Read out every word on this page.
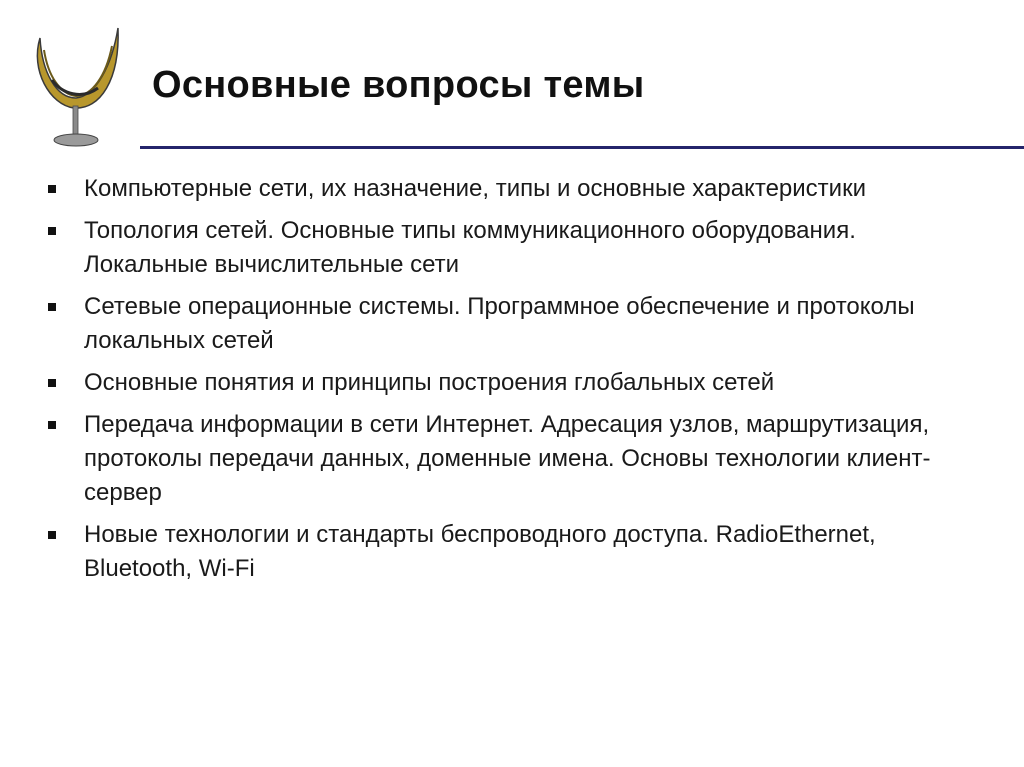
Основные вопросы темы
Компьютерные сети, их назначение, типы и основные характеристики
Топология сетей. Основные типы коммуникационного оборудования. Локальные вычислительные сети
Сетевые операционные системы. Программное обеспечение и протоколы локальных сетей
Основные понятия и принципы построения глобальных сетей
Передача информации в сети Интернет. Адресация узлов, маршрутизация, протоколы передачи данных, доменные имена. Основы технологии клиент-сервер
Новые технологии и стандарты беспроводного доступа. RadioEthernet, Bluetooth, Wi-Fi
